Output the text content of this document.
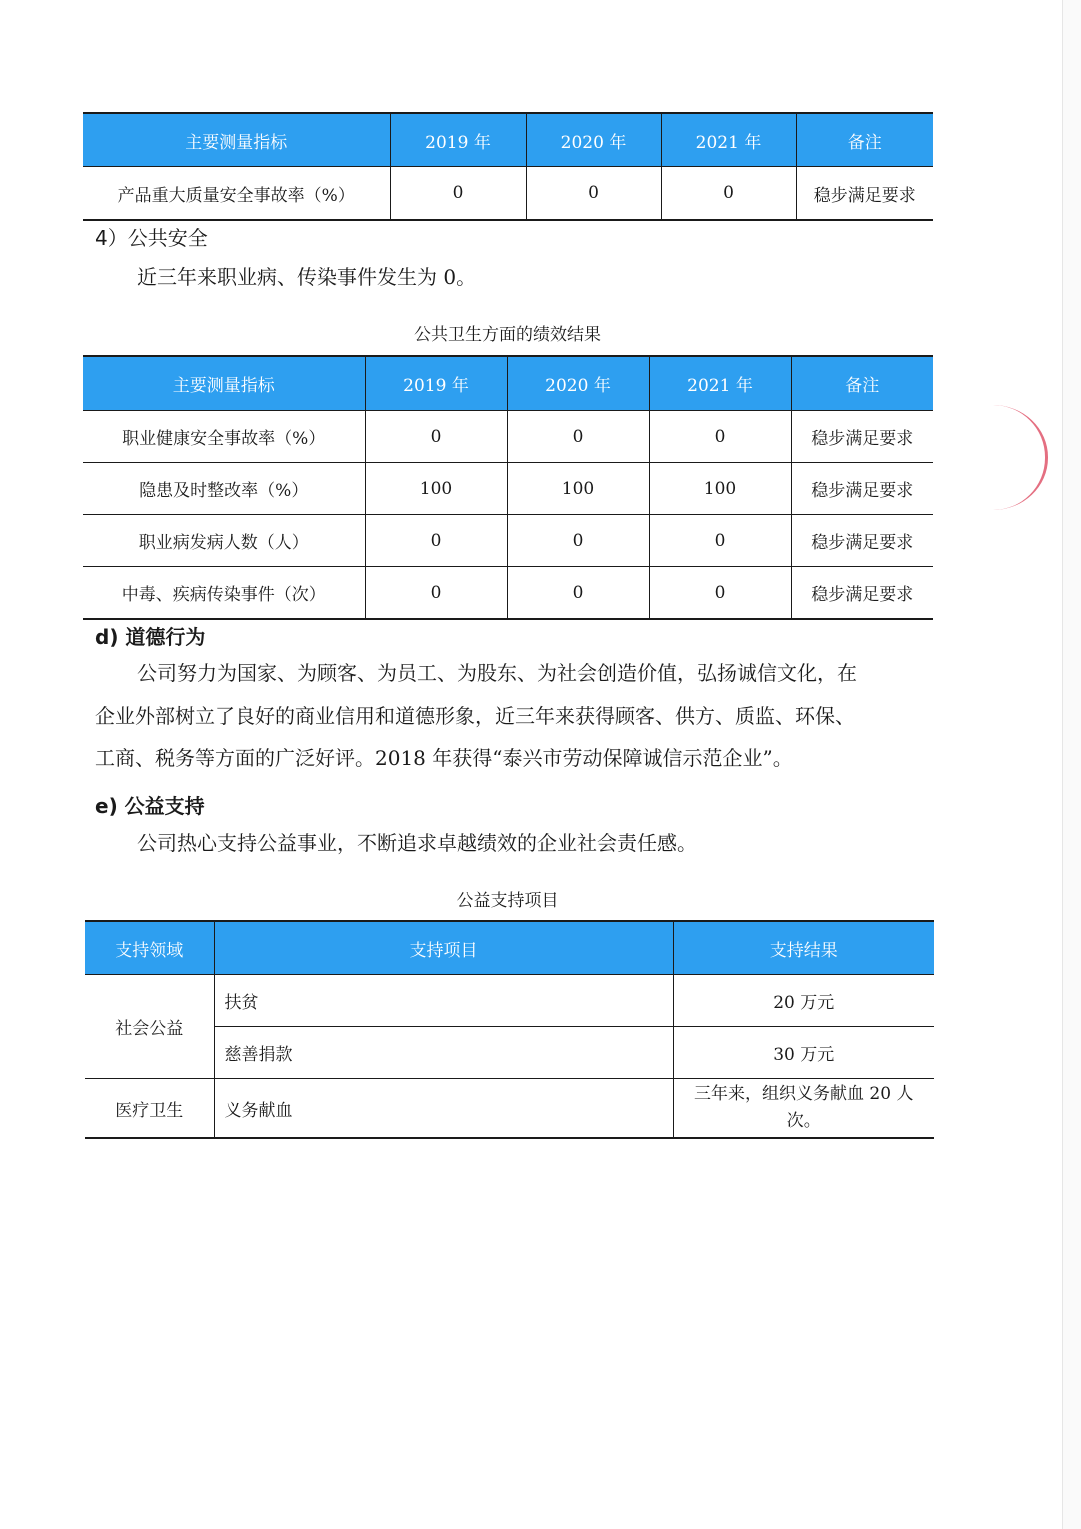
主要测量指标	2019 年	2020 年	2021 年	备注
产品重大质量安全事故率（%）	0	0	0	稳步满足要求
4）公共安全

近三年来职业病、传染事件发生为 0。

公共卫生方面的绩效结果
主要测量指标	2019 年	2020 年	2021 年	备注
职业健康安全事故率（%）	0	0	0	稳步满足要求
隐患及时整改率（%）	100	100	100	稳步满足要求
职业病发病人数（人）	0	0	0	稳步满足要求
中毒、疾病传染事件（次）	0	0	0	稳步满足要求
d) 道德行为

公司努力为国家、为顾客、为员工、为股东、为社会创造价值，弘扬诚信文化，在

企业外部树立了良好的商业信用和道德形象，近三年来获得顾客、供方、质监、环保、

工商、税务等方面的广泛好评。2018 年获得“泰兴市劳动保障诚信示范企业”。

e) 公益支持

公司热心支持公益事业，不断追求卓越绩效的企业社会责任感。

公益支持项目
支持领域	支持项目	支持结果
社会公益	扶贫	20 万元
	慈善捐款	30 万元
医疗卫生	义务献血	三年来，组织义务献血 20 人次。
